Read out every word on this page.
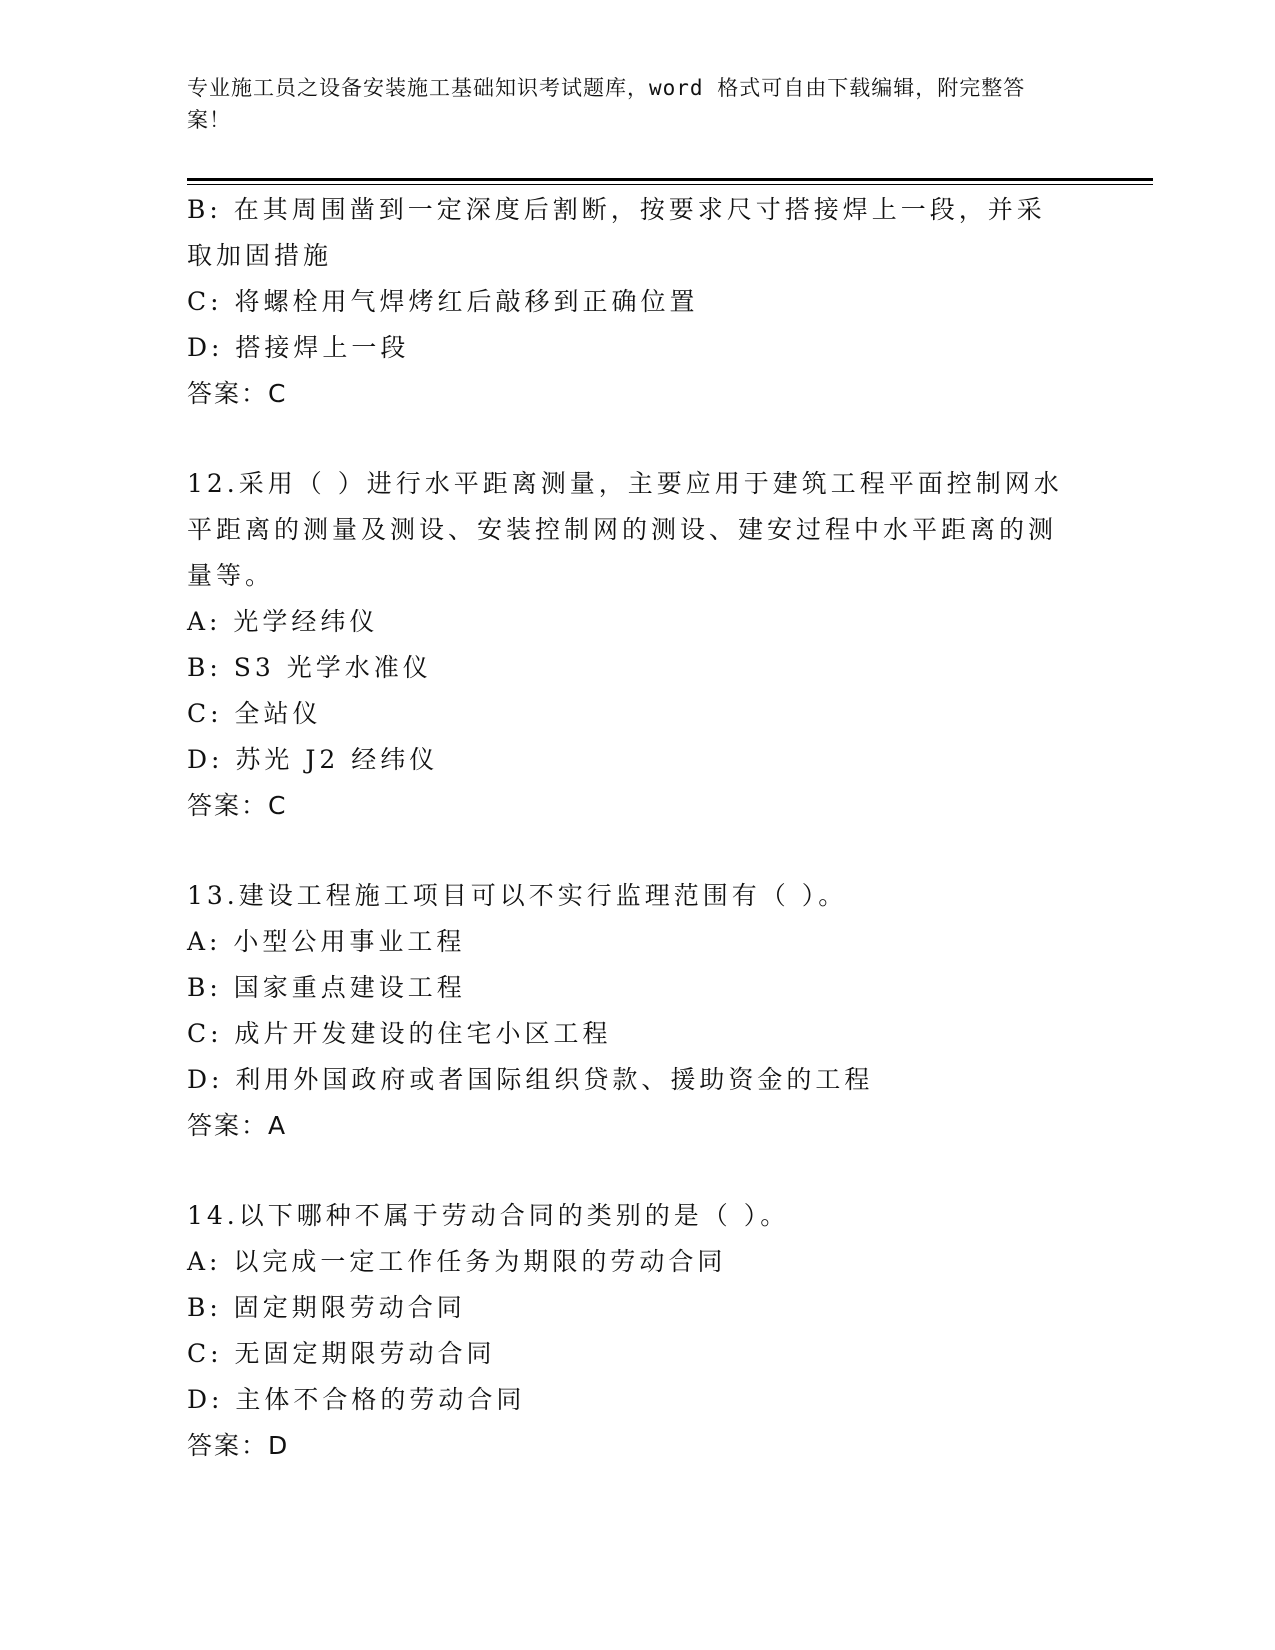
专业施工员之设备安装施工基础知识考试题库，word 格式可自由下载编辑，附完整答案！
B: 在其周围凿到一定深度后割断，按要求尺寸搭接焊上一段，并采取加固措施
C: 将螺栓用气焊烤红后敲移到正确位置
D: 搭接焊上一段
答案：C
12.采用（ ）进行水平距离测量，主要应用于建筑工程平面控制网水平距离的测量及测设、安装控制网的测设、建安过程中水平距离的测量等。
A: 光学经纬仪
B: S3 光学水准仪
C: 全站仪
D: 苏光 J2 经纬仪
答案：C
13.建设工程施工项目可以不实行监理范围有（ ）。
A: 小型公用事业工程
B: 国家重点建设工程
C: 成片开发建设的住宅小区工程
D: 利用外国政府或者国际组织贷款、援助资金的工程
答案：A
14.以下哪种不属于劳动合同的类别的是（ ）。
A: 以完成一定工作任务为期限的劳动合同
B: 固定期限劳动合同
C: 无固定期限劳动合同
D: 主体不合格的劳动合同
答案：D
